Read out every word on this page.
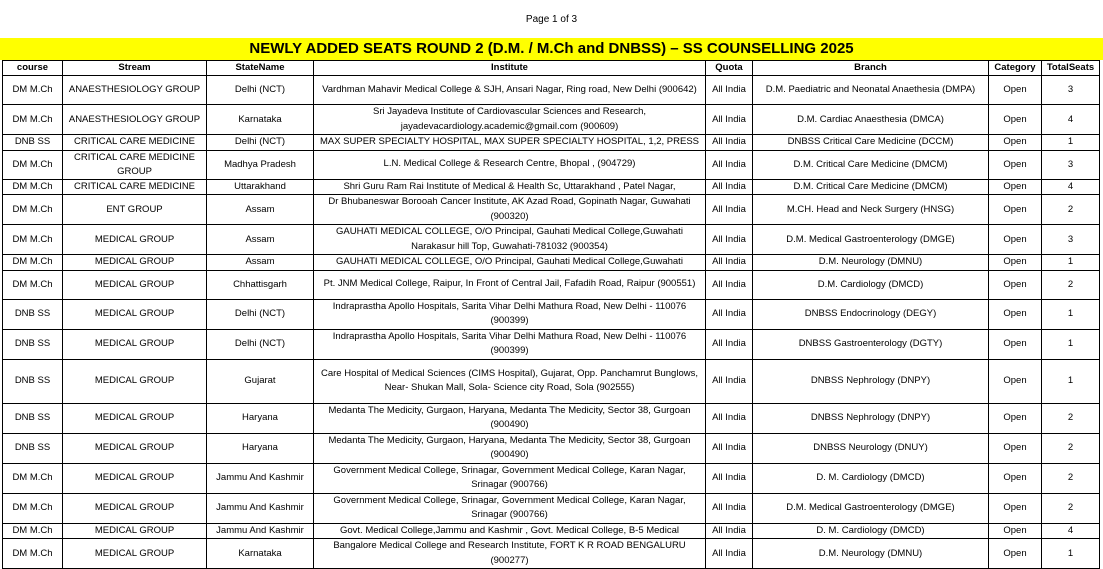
Page 1 of 3
NEWLY ADDED SEATS ROUND 2 (D.M. / M.Ch and DNBSS) – SS COUNSELLING 2025
course	Stream	StateName	Institute	Quota	Branch	Category	TotalSeats
DM M.Ch	ANAESTHESIOLOGY GROUP	Delhi (NCT)	Vardhman Mahavir Medical College & SJH, Ansari Nagar, Ring road, New Delhi (900642)	All India	D.M. Paediatric and Neonatal Anaethesia (DMPA)	Open	3
DM M.Ch	ANAESTHESIOLOGY GROUP	Karnataka	Sri Jayadeva Institute of Cardiovascular Sciences and Research, jayadevacardiology.academic@gmail.com (900609)	All India	D.M. Cardiac Anaesthesia (DMCA)	Open	4
DNB SS	CRITICAL CARE MEDICINE	Delhi (NCT)	MAX SUPER SPECIALTY HOSPITAL, MAX SUPER SPECIALTY HOSPITAL, 1,2, PRESS	All India	DNBSS Critical Care Medicine (DCCM)	Open	1
DM M.Ch	CRITICAL CARE MEDICINE GROUP	Madhya Pradesh	L.N. Medical College & Research Centre, Bhopal , (904729)	All India	D.M. Critical Care Medicine (DMCM)	Open	3
DM M.Ch	CRITICAL CARE MEDICINE	Uttarakhand	Shri Guru Ram Rai Institute of Medical & Health Sc, Uttarakhand , Patel Nagar,	All India	D.M. Critical Care Medicine (DMCM)	Open	4
DM M.Ch	ENT GROUP	Assam	Dr Bhubaneswar Borooah Cancer Institute, AK Azad Road, Gopinath Nagar, Guwahati (900320)	All India	M.CH. Head and Neck Surgery (HNSG)	Open	2
DM M.Ch	MEDICAL GROUP	Assam	GAUHATI MEDICAL COLLEGE, O/O Principal, Gauhati Medical College,Guwahati Narakasur hill Top, Guwahati-781032 (900354)	All India	D.M. Medical Gastroenterology (DMGE)	Open	3
DM M.Ch	MEDICAL GROUP	Assam	GAUHATI MEDICAL COLLEGE, O/O Principal, Gauhati Medical College,Guwahati	All India	D.M. Neurology (DMNU)	Open	1
DM M.Ch	MEDICAL GROUP	Chhattisgarh	Pt. JNM Medical College, Raipur, In Front of Central Jail, Fafadih Road, Raipur (900551)	All India	D.M. Cardiology (DMCD)	Open	2
DNB SS	MEDICAL GROUP	Delhi (NCT)	Indraprastha Apollo Hospitals, Sarita Vihar Delhi Mathura Road, New Delhi - 110076 (900399)	All India	DNBSS Endocrinology (DEGY)	Open	1
DNB SS	MEDICAL GROUP	Delhi (NCT)	Indraprastha Apollo Hospitals, Sarita Vihar Delhi Mathura Road, New Delhi - 110076 (900399)	All India	DNBSS Gastroenterology (DGTY)	Open	1
DNB SS	MEDICAL GROUP	Gujarat	Care Hospital of Medical Sciences (CIMS Hospital), Gujarat, Opp. Panchamrut Bunglows, Near- Shukan Mall, Sola- Science city Road, Sola (902555)	All India	DNBSS Nephrology (DNPY)	Open	1
DNB SS	MEDICAL GROUP	Haryana	Medanta The Medicity, Gurgaon, Haryana, Medanta The Medicity, Sector 38, Gurgoan (900490)	All India	DNBSS Nephrology (DNPY)	Open	2
DNB SS	MEDICAL GROUP	Haryana	Medanta The Medicity, Gurgaon, Haryana, Medanta The Medicity, Sector 38, Gurgoan (900490)	All India	DNBSS Neurology (DNUY)	Open	2
DM M.Ch	MEDICAL GROUP	Jammu And Kashmir	Government Medical College, Srinagar, Government Medical College, Karan Nagar, Srinagar (900766)	All India	D. M. Cardiology (DMCD)	Open	2
DM M.Ch	MEDICAL GROUP	Jammu And Kashmir	Government Medical College, Srinagar, Government Medical College, Karan Nagar, Srinagar (900766)	All India	D.M. Medical Gastroenterology (DMGE)	Open	2
DM M.Ch	MEDICAL GROUP	Jammu And Kashmir	Govt. Medical College,Jammu and Kashmir , Govt. Medical College, B-5 Medical	All India	D. M. Cardiology (DMCD)	Open	4
DM M.Ch	MEDICAL GROUP	Karnataka	Bangalore Medical College and Research Institute, FORT K R ROAD BENGALURU (900277)	All India	D.M. Neurology (DMNU)	Open	1
